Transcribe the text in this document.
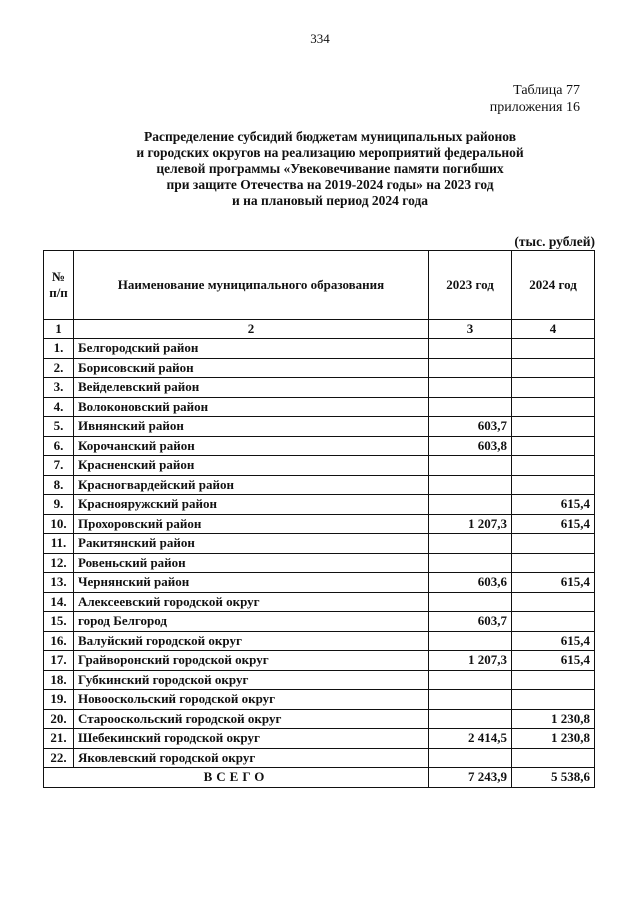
334
Таблица 77
приложения 16
Распределение субсидий бюджетам муниципальных районов
и городских округов на реализацию мероприятий федеральной
целевой программы «Увековечивание памяти погибших
при защите Отечества на 2019-2024 годы» на 2023 год
и на плановый период 2024 года
(тыс. рублей)
№
п/п	Наименование муниципального образования	2023 год	2024 год
1	2	3	4
1.	Белгородский район		
2.	Борисовский район		
3.	Вейделевский район		
4.	Волоконовский район		
5.	Ивнянский район	603,7	
6.	Корочанский район	603,8	
7.	Красненский район		
8.	Красногвардейский район		
9.	Краснояружский район		615,4
10.	Прохоровский район	1 207,3	615,4
11.	Ракитянский район		
12.	Ровеньский район		
13.	Чернянский район	603,6	615,4
14.	Алексеевский городской округ		
15.	город Белгород	603,7	
16.	Валуйский городской округ		615,4
17.	Грайворонский городской округ	1 207,3	615,4
18.	Губкинский городской округ		
19.	Новооскольский городской округ		
20.	Старооскольский городской округ		1 230,8
21.	Шебекинский городской округ	2 414,5	1 230,8
22.	Яковлевский городской округ		
ВСЕГО		7 243,9	5 538,6
